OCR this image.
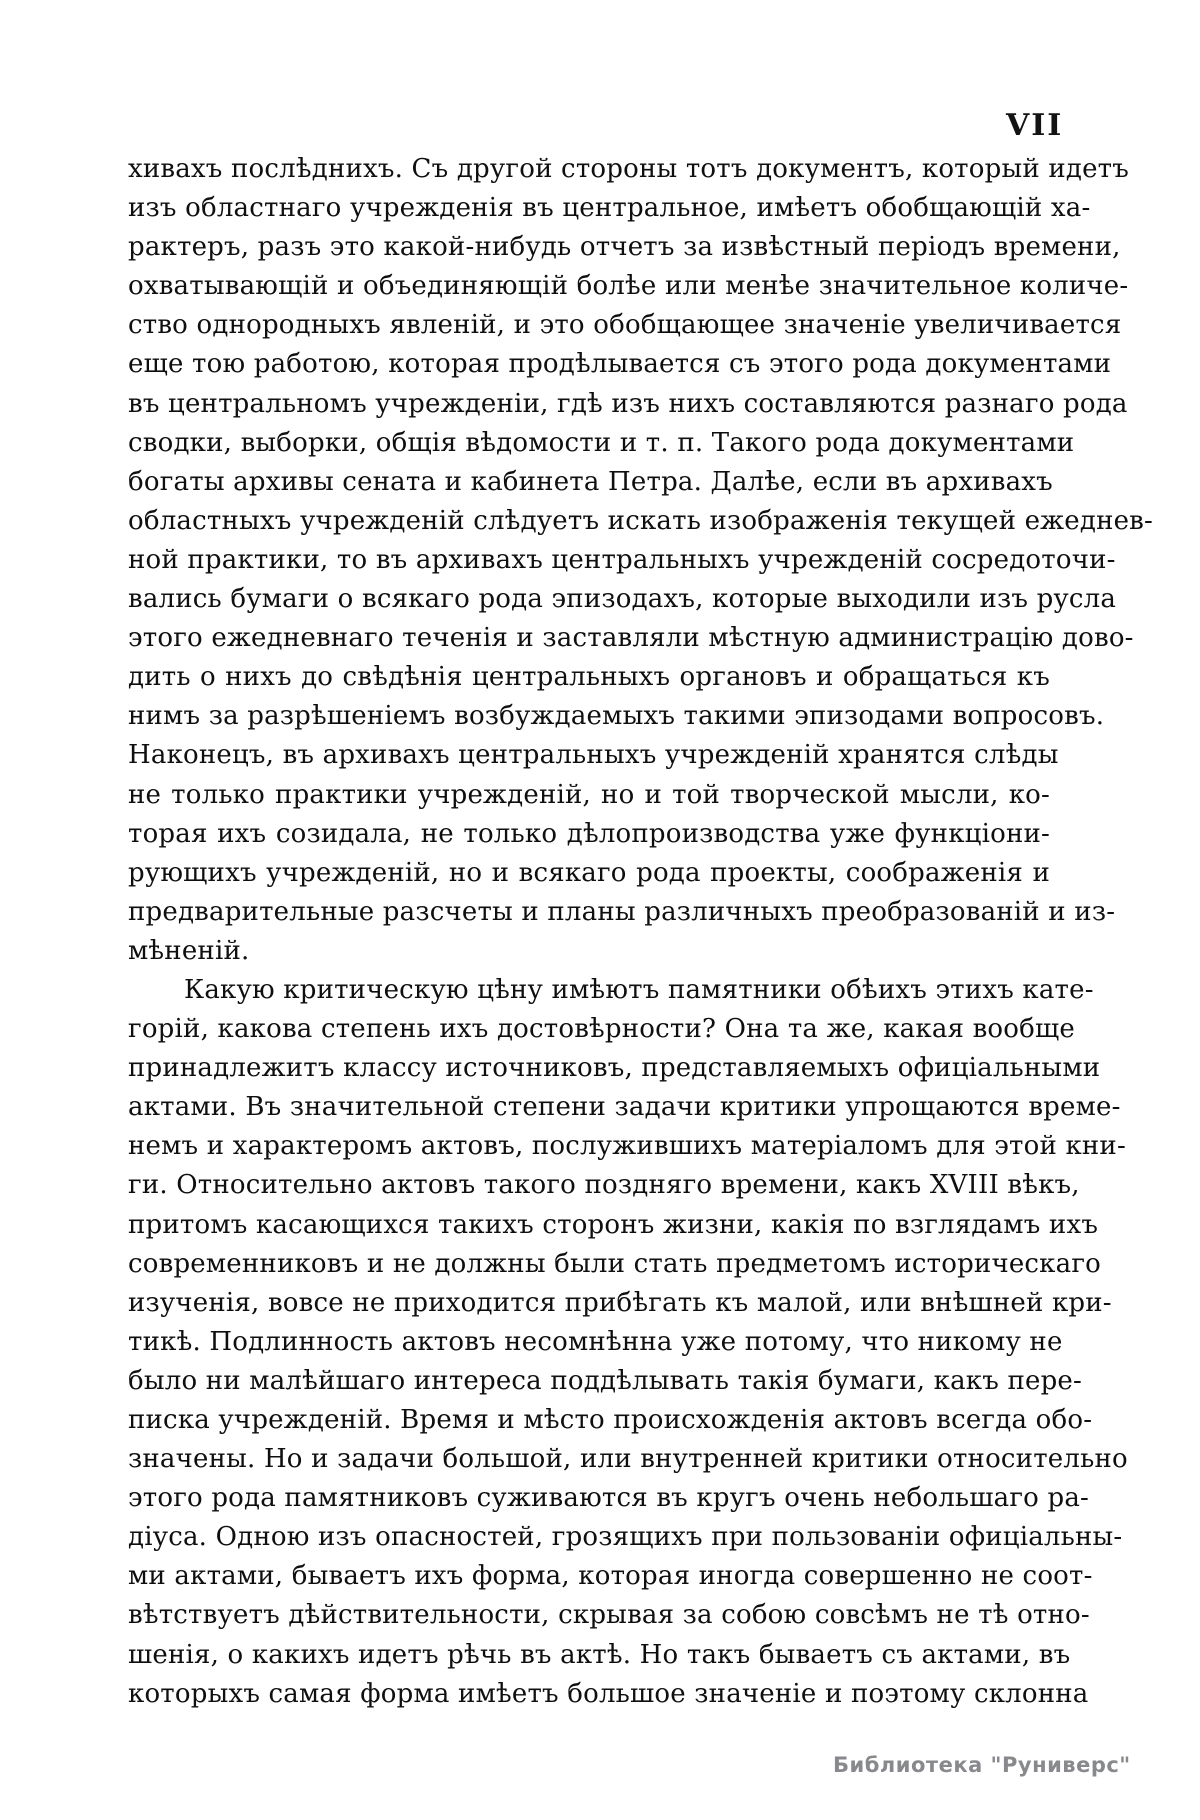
VII
хивахъ послѣднихъ. Съ другой стороны тотъ документъ, который идетъ
изъ областнаго учрежденія въ центральное, имѣетъ обобщающій ха-
рактеръ, разъ это какой-нибудь отчетъ за извѣстный періодъ времени,
охватывающій и объединяющій болѣе или менѣе значительное количе-
ство однородныхъ явленій, и это обобщающее значеніе увеличивается
еще тою работою, которая продѣлывается съ этого рода документами
въ центральномъ учрежденіи, гдѣ изъ нихъ составляются разнаго рода
сводки, выборки, общія вѣдомости и т. п. Такого рода документами
богаты архивы сената и кабинета Петра. Далѣе, если въ архивахъ
областныхъ учрежденій слѣдуетъ искать изображенія текущей ежеднев-
ной практики, то въ архивахъ центральныхъ учрежденій сосредоточи-
вались бумаги о всякаго рода эпизодахъ, которые выходили изъ русла
этого ежедневнаго теченія и заставляли мѣстную администрацію дово-
дить о нихъ до свѣдѣнія центральныхъ органовъ и обращаться къ
нимъ за разрѣшеніемъ возбуждаемыхъ такими эпизодами вопросовъ.
Наконецъ, въ архивахъ центральныхъ учрежденій хранятся слѣды
не только практики учрежденій, но и той творческой мысли, ко-
торая ихъ созидала, не только дѣлопроизводства уже функціони-
рующихъ учрежденій, но и всякаго рода проекты, соображенія и
предварительные разсчеты и планы различныхъ преобразованій и из-
мѣненій.
Какую критическую цѣну имѣютъ памятники обѣихъ этихъ кате-
горій, какова степень ихъ достовѣрности? Она та же, какая вообще
принадлежитъ классу источниковъ, представляемыхъ офиціальными
актами. Въ значительной степени задачи критики упрощаются време-
немъ и характеромъ актовъ, послужившихъ матеріаломъ для этой кни-
ги. Относительно актовъ такого поздняго времени, какъ XVIII вѣкъ,
притомъ касающихся такихъ сторонъ жизни, какія по взглядамъ ихъ
современниковъ и не должны были стать предметомъ историческаго
изученія, вовсе не приходится прибѣгать къ малой, или внѣшней кри-
тикѣ. Подлинность актовъ несомнѣнна уже потому, что никому не
было ни малѣйшаго интереса поддѣлывать такія бумаги, какъ пере-
писка учрежденій. Время и мѣсто происхожденія актовъ всегда обо-
значены. Но и задачи большой, или внутренней критики относительно
этого рода памятниковъ суживаются въ кругъ очень небольшаго ра-
діуса. Одною изъ опасностей, грозящихъ при пользованіи офиціальны-
ми актами, бываетъ ихъ форма, которая иногда совершенно не соот-
вѣтствуетъ дѣйствительности, скрывая за собою совсѣмъ не тѣ отно-
шенія, о какихъ идетъ рѣчь въ актѣ. Но такъ бываетъ съ актами, въ
которыхъ самая форма имѣетъ большое значеніе и поэтому склонна
Библиотека "Руниверс"
